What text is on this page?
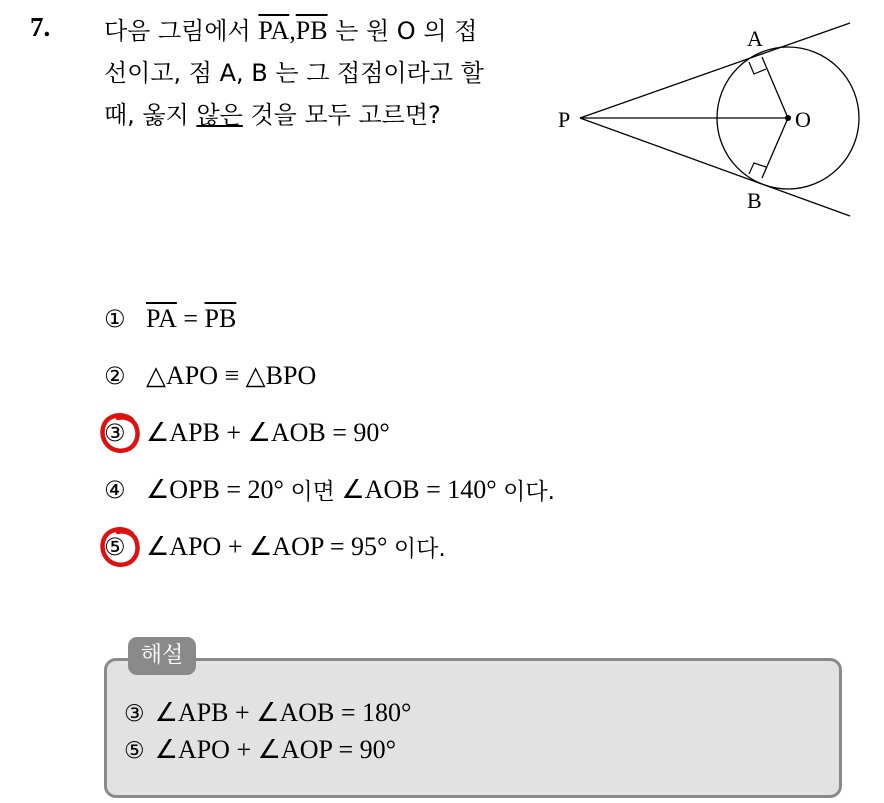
7. 다음 그림에서 $\overline{PA},\overline{PB}$ 는 원 O 의 접
선이고, 점 A, B 는 그 접점이라고 할
때, 옳지 않은 것을 모두 고르면?
A
B
P	O
① $\overline{PA} = \overline{PB}$
② △APO ≡ △BPO
③ ∠APB + ∠AOB = 90°
④ ∠OPB = 20° 이면 ∠AOB = 140° 이다.
⑤ ∠APO + ∠AOP = 95° 이다.
해설
③ ∠APB + ∠AOB = 180°
⑤ ∠APO + ∠AOP = 90°
